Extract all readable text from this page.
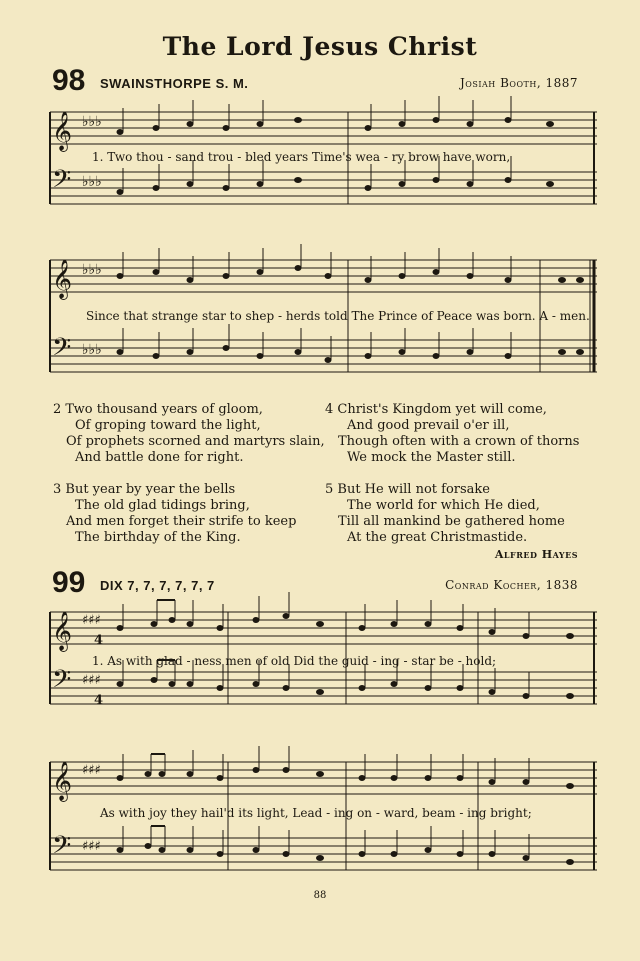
The Lord Jesus Christ
98 SWAINSTHORPE S. M.	Josiah Booth, 1887
𝄞
𝄢
♭♭♭
♭♭♭
1. Two thou - sand trou - bled years Time's wea - ry brow have worn,
𝄞
𝄢
♭♭♭
♭♭♭
Since that strange star to shep - herds told The Prince of Peace was born. A - men.
2 Two thousand years of gloom,
Of groping toward the light,
Of prophets scorned and martyrs slain,
And battle done for right.
3 But year by year the bells
The old glad tidings bring,
And men forget their strife to keep
The birthday of the King.
4 Christ's Kingdom yet will come,
And good prevail o'er ill,
Though often with a crown of thorns
We mock the Master still.
5 But He will not forsake
The world for which He died,
Till all mankind be gathered home
At the great Christmastide.
Alfred Hayes
99 DIX 7, 7, 7, 7, 7, 7	Conrad Kocher, 1838
𝄞
𝄢
♯♯♯
♯♯♯
4
4
1. As with glad - ness men of old Did the guid - ing - star be - hold;
𝄞
𝄢
♯♯♯
♯♯♯
As with joy they hail'd its light, Lead - ing on - ward, beam - ing bright;
88
